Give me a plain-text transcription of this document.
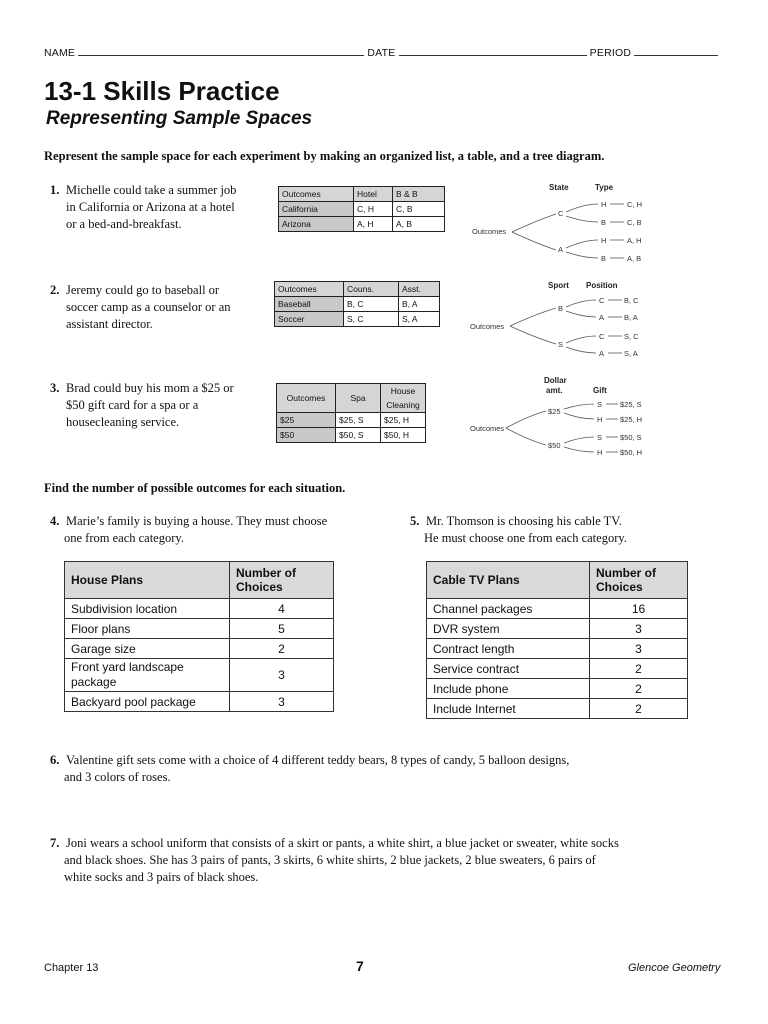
NAME	DATE	PERIOD
13-1 Skills Practice
Representing Sample Spaces
Represent the sample space for each experiment by making an organized list, a table, and a tree diagram.
1. Michelle could take a summer job
in California or Arizona at a hotel
or a bed-and-breakfast.
Outcomes	Hotel	B & B
California	C, H	C, B
Arizona	A, H	A, B
State	Type
Outcomes
C
A
H	C, H
B	C, B
H	A, H
B	A, B
2. Jeremy could go to baseball or
soccer camp as a counselor or an
assistant director.
Outcomes	Couns.	Asst.
Baseball	B, C	B, A
Soccer	S, C	S, A
Sport Position
Outcomes
B
S
C	B, C
A	B, A
C	S, C
A	S, A
3. Brad could buy his mom a $25 or
$50 gift card for a spa or a
housecleaning service.
Outcomes	Spa	House Cleaning
$25	$25, S	$25, H
$50	$50, S	$50, H
Dollar
amt.	Gift
Outcomes
$25
$50
S $25, S
H $25, H
S $50, S
H $50, H
Find the number of possible outcomes for each situation.
4. Marie’s family is buying a house. They must choose
one from each category.
House Plans	Number of
Choices

Subdivision location	4
Floor plans	5
Garage size	2

Front yard landscape
package	3
Backyard pool package	3
5. Mr. Thomson is choosing his cable TV.
He must choose one from each category.
Cable TV Plans	Number of
Choices

Channel packages	16
DVR system	3
Contract length	3
Service contract	2
Include phone	2
Include Internet	2
6. Valentine gift sets come with a choice of 4 different teddy bears, 8 types of candy, 5 balloon designs,
and 3 colors of roses.
7. Joni wears a school uniform that consists of a skirt or pants, a white shirt, a blue jacket or sweater, white socks
and black shoes. She has 3 pairs of pants, 3 skirts, 6 white shirts, 2 blue jackets, 2 blue sweaters, 6 pairs of
white socks and 3 pairs of black shoes.
Chapter 13	7	Glencoe Geometry
